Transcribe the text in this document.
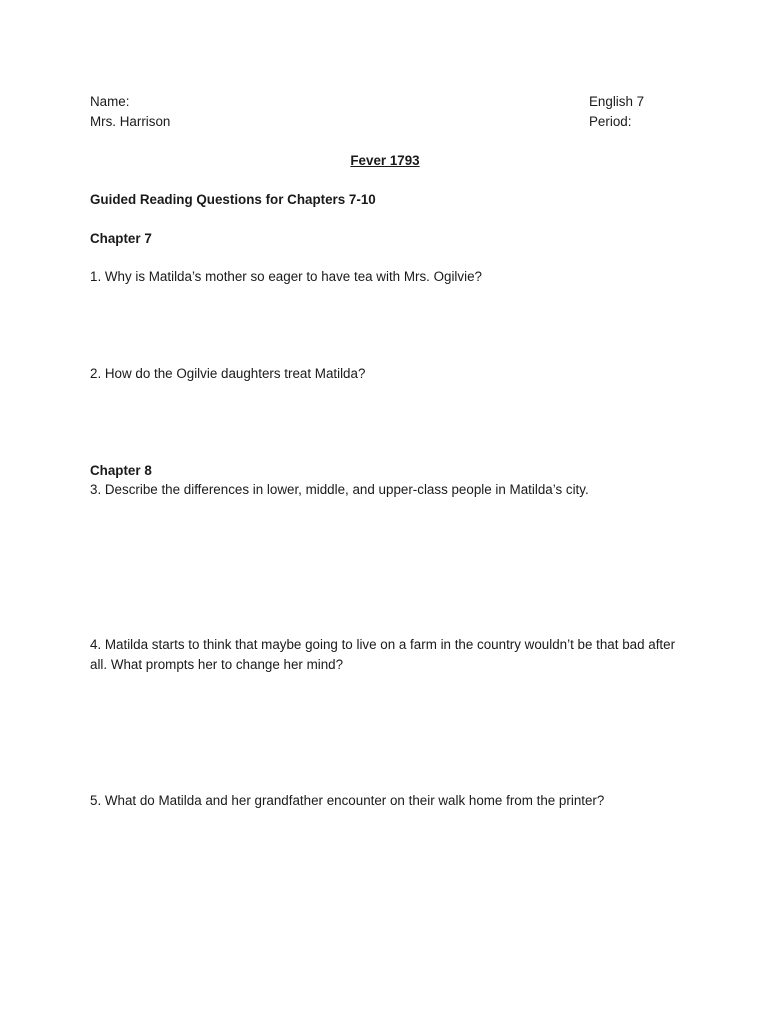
Name:
Mrs. Harrison
English 7
Period:
Fever 1793
Guided Reading Questions for Chapters 7-10
Chapter 7
1. Why is Matilda’s mother so eager to have tea with Mrs. Ogilvie?
2. How do the Ogilvie daughters treat Matilda?
Chapter 8
3. Describe the differences in lower, middle, and upper-class people in Matilda’s city.
4. Matilda starts to think that maybe going to live on a farm in the country wouldn’t be that bad after all. What prompts her to change her mind?
5. What do Matilda and her grandfather encounter on their walk home from the printer?
